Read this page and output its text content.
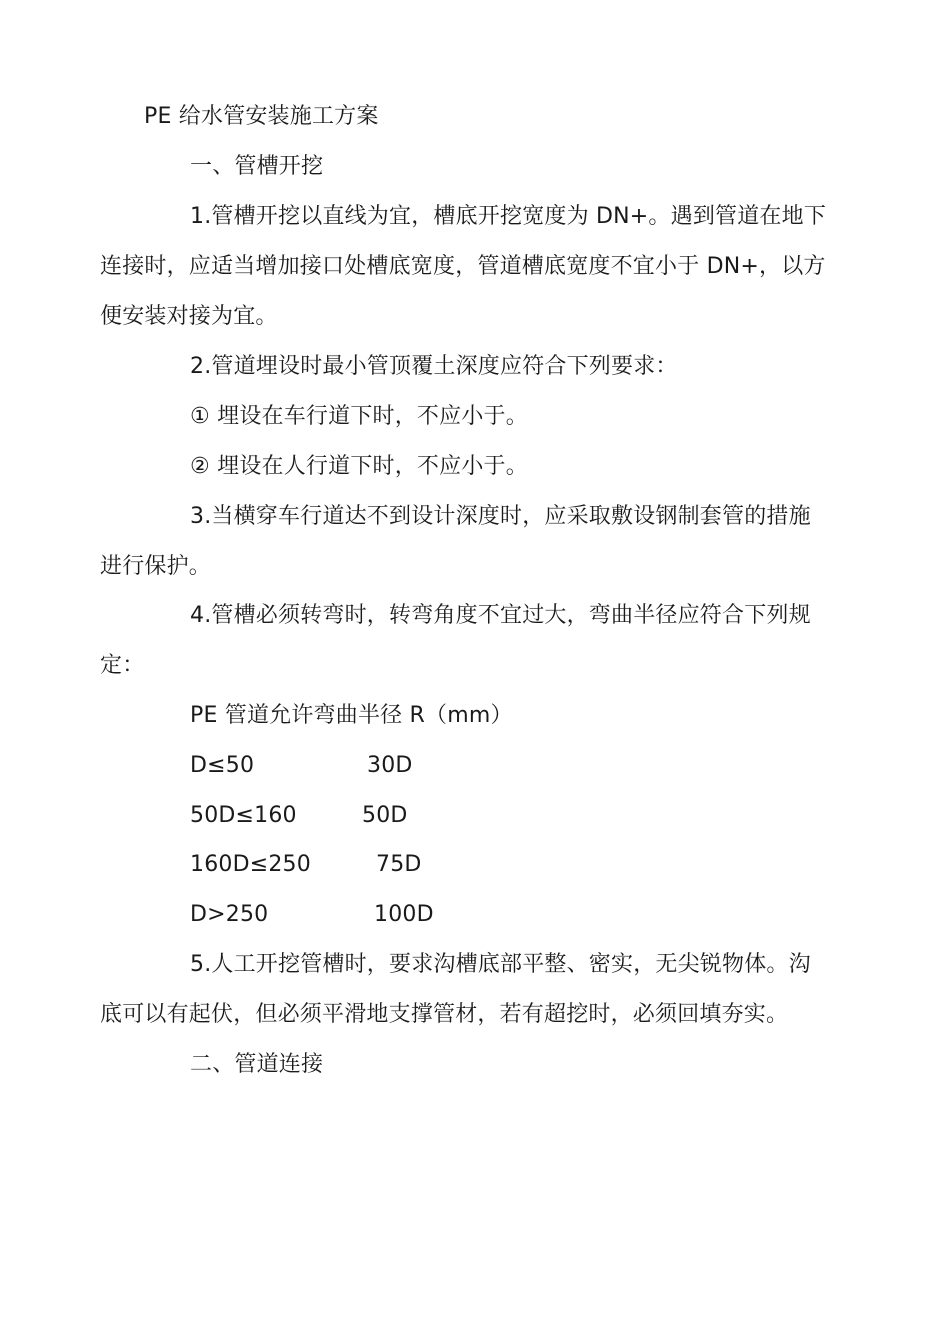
PE 给水管安装施工方案

一、管槽开挖

1.管槽开挖以直线为宜，槽底开挖宽度为 DN+。遇到管道在地下

连接时，应适当增加接口处槽底宽度，管道槽底宽度不宜小于 DN+，以方

便安装对接为宜。

2.管道埋设时最小管顶覆土深度应符合下列要求：

① 埋设在车行道下时，不应小于。

② 埋设在人行道下时，不应小于。

3.当横穿车行道达不到设计深度时，应采取敷设钢制套管的措施

进行保护。

4.管槽必须转弯时，转弯角度不宜过大，弯曲半径应符合下列规

定：

PE 管道允许弯曲半径 R（mm）

D≤50	30D

50D≤160	50D

160D≤250	75D

D>250	100D

5.人工开挖管槽时，要求沟槽底部平整、密实，无尖锐物体。沟

底可以有起伏，但必须平滑地支撑管材，若有超挖时，必须回填夯实。

二、管道连接
